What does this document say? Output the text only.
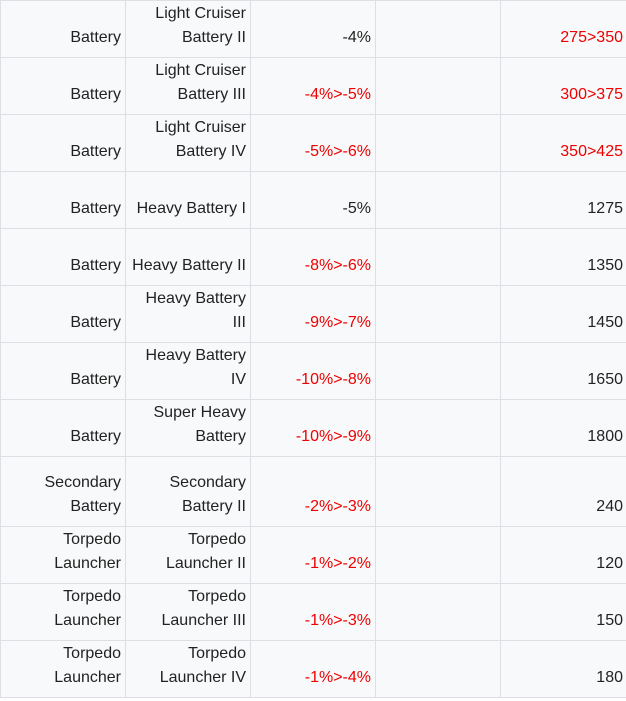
Battery	Light Cruiser Battery II	-4%		275>350
Battery	Light Cruiser Battery III	-4%>-5%		300>375
Battery	Light Cruiser Battery IV	-5%>-6%		350>425
Battery	Heavy Battery I	-5%		1275
Battery	Heavy Battery II	-8%>-6%		1350
Battery	Heavy Battery III	-9%>-7%		1450
Battery	Heavy Battery IV	-10%>-8%		1650
Battery	Super Heavy Battery	-10%>-9%		1800
Secondary Battery	Secondary Battery II	-2%>-3%		240
Torpedo Launcher	Torpedo Launcher II	-1%>-2%		120
Torpedo Launcher	Torpedo Launcher III	-1%>-3%		150
Torpedo Launcher	Torpedo Launcher IV	-1%>-4%		180
